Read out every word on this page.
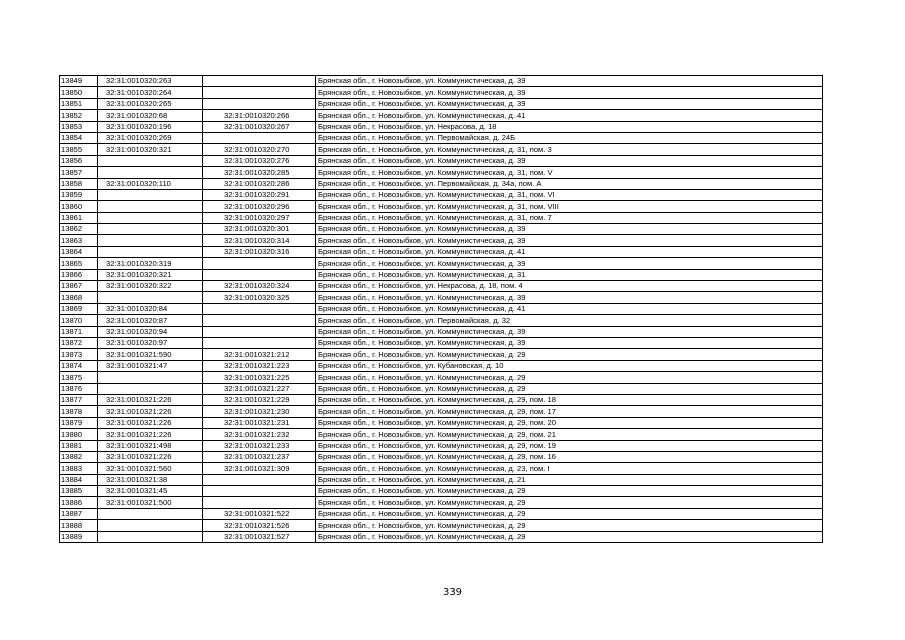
13849	32:31:0010320:263		Брянская обл., г. Новозыбков, ул. Коммунистическая, д. 39
13850	32:31:0010320:264		Брянская обл., г. Новозыбков, ул. Коммунистическая, д. 39
13851	32:31:0010320:265		Брянская обл., г. Новозыбков, ул. Коммунистическая, д. 39
13852	32:31:0010320:68	32:31:0010320:266	Брянская обл., г. Новозыбков, ул. Коммунистическая, д. 41
13853	32:31:0010320:196	32:31:0010320:267	Брянская обл., г. Новозыбков, ул. Некрасова, д. 18
13854	32:31:0010320:269		Брянская обл., г. Новозыбков, ул. Первомайская, д. 24Б
13855	32:31:0010320:321	32:31:0010320:270	Брянская обл., г. Новозыбков, ул. Коммунистическая, д. 31, пом. 3
13856		32:31:0010320:276	Брянская обл., г. Новозыбков, ул. Коммунистическая, д. 39
13857		32:31:0010320:285	Брянская обл., г. Новозыбков, ул. Коммунистическая, д. 31, пом. V
13858	32:31:0010320:110	32:31:0010320:286	Брянская обл., г. Новозыбков, ул. Первомайская, д. 34а, пом. А
13859		32:31:0010320:291	Брянская обл., г. Новозыбков, ул. Коммунистическая, д. 31, пом. VI
13860		32:31:0010320:296	Брянская обл., г. Новозыбков, ул. Коммунистическая, д. 31, пом. VIII
13861		32:31:0010320:297	Брянская обл., г. Новозыбков, ул. Коммунистическая, д. 31, пом. 7
13862		32:31:0010320:301	Брянская обл., г. Новозыбков, ул. Коммунистическая, д. 39
13863		32:31:0010320:314	Брянская обл., г. Новозыбков, ул. Коммунистическая, д. 39
13864		32:31:0010320:316	Брянская обл., г. Новозыбков, ул. Коммунистическая, д. 41
13865	32:31:0010320:319		Брянская обл., г. Новозыбков, ул. Коммунистическая, д. 39
13866	32:31:0010320:321		Брянская обл., г. Новозыбков, ул. Коммунистическая, д. 31
13867	32:31:0010320:322	32:31:0010320:324	Брянская обл., г. Новозыбков, ул. Некрасова, д. 18, пом. 4
13868		32:31:0010320:325	Брянская обл., г. Новозыбков, ул. Коммунистическая, д. 39
13869	32:31:0010320:84		Брянская обл., г. Новозыбков, ул. Коммунистическая, д. 41
13870	32:31:0010320:87		Брянская обл., г. Новозыбков, ул. Первомайская, д. 32
13871	32:31:0010320:94		Брянская обл., г. Новозыбков, ул. Коммунистическая, д. 39
13872	32:31:0010320:97		Брянская обл., г. Новозыбков, ул. Коммунистическая, д. 39
13873	32:31:0010321:590	32:31:0010321:212	Брянская обл., г. Новозыбков, ул. Коммунистическая, д. 29
13874	32:31:0010321:47	32:31:0010321:223	Брянская обл., г. Новозыбков, ул. Кубановская, д. 10
13875		32:31:0010321:225	Брянская обл., г. Новозыбков, ул. Коммунистическая, д. 29
13876		32:31:0010321:227	Брянская обл., г. Новозыбков, ул. Коммунистическая, д. 29
13877	32:31:0010321:226	32:31:0010321:229	Брянская обл., г. Новозыбков, ул. Коммунистическая, д. 29, пом. 18
13878	32:31:0010321:226	32:31:0010321:230	Брянская обл., г. Новозыбков, ул. Коммунистическая, д. 29, пом. 17
13879	32:31:0010321:226	32:31:0010321:231	Брянская обл., г. Новозыбков, ул. Коммунистическая, д. 29, пом. 20
13880	32:31:0010321:226	32:31:0010321:232	Брянская обл., г. Новозыбков, ул. Коммунистическая, д. 29, пом. 21
13881	32:31:0010321:498	32:31:0010321:233	Брянская обл., г. Новозыбков, ул. Коммунистическая, д. 29, пом. 19
13882	32:31:0010321:226	32:31:0010321:237	Брянская обл., г. Новозыбков, ул. Коммунистическая, д. 29, пом. 16
13883	32:31:0010321:560	32:31:0010321:309	Брянская обл., г. Новозыбков, ул. Коммунистическая, д. 23, пом. I
13884	32:31:0010321:38		Брянская обл., г. Новозыбков, ул. Коммунистическая, д. 21
13885	32:31:0010321:45		Брянская обл., г. Новозыбков, ул. Коммунистическая, д. 29
13886	32:31:0010321:500		Брянская обл., г. Новозыбков, ул. Коммунистическая, д. 29
13887		32:31:0010321:522	Брянская обл., г. Новозыбков, ул. Коммунистическая, д. 29
13888		32:31:0010321:526	Брянская обл., г. Новозыбков, ул. Коммунистическая, д. 29
13889		32:31:0010321:527	Брянская обл., г. Новозыбков, ул. Коммунистическая, д. 29
339
